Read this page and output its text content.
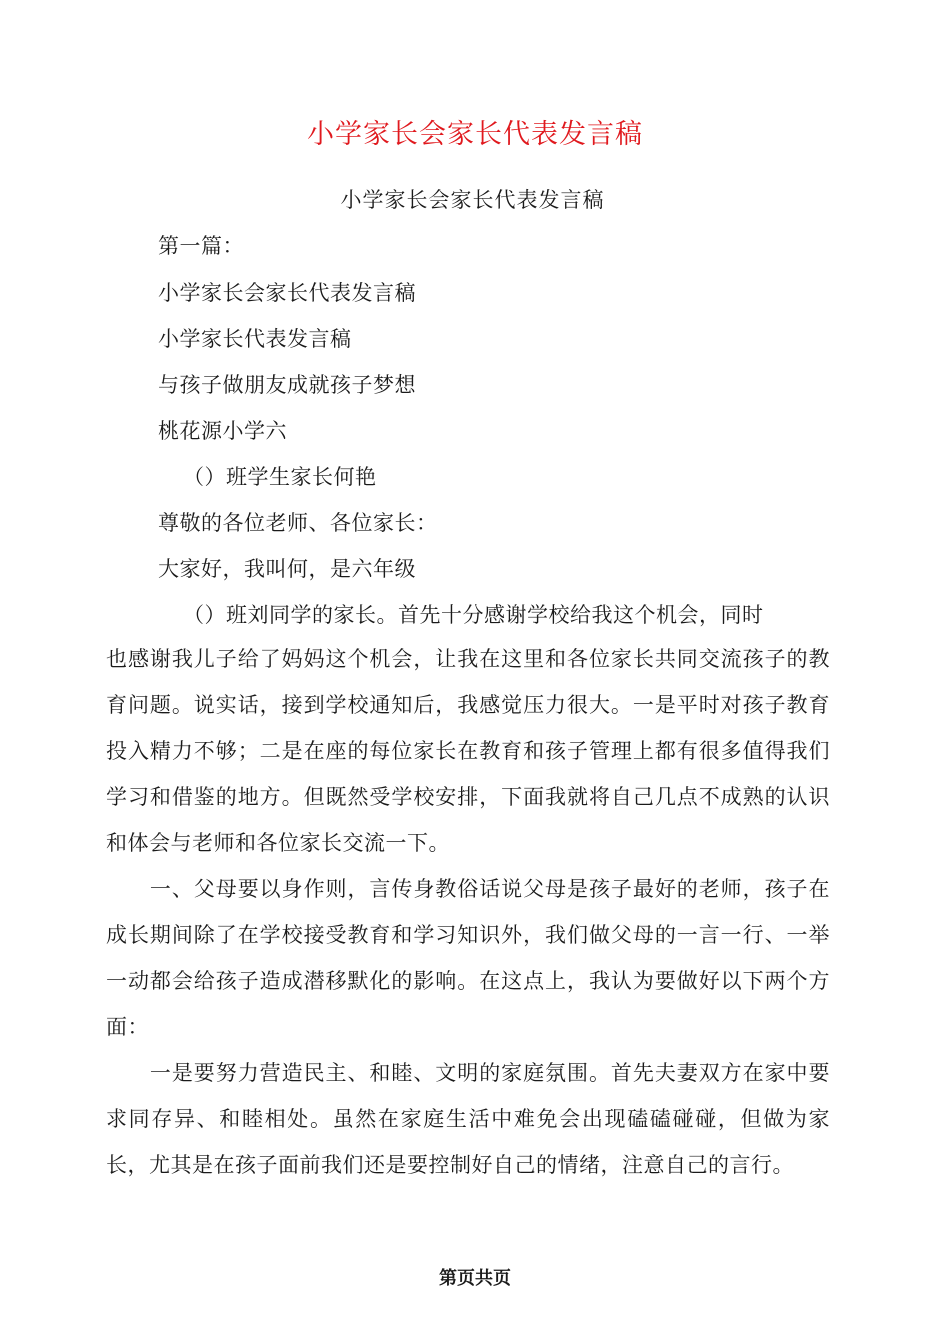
小学家长会家长代表发言稿

小学家长会家长代表发言稿

第一篇：

小学家长会家长代表发言稿

小学家长代表发言稿

与孩子做朋友成就孩子梦想

桃花源小学六

（）班学生家长何艳

尊敬的各位老师、各位家长：

大家好，我叫何，是六年级

（）班刘同学的家长。首先十分感谢学校给我这个机会，同时

也感谢我儿子给了妈妈这个机会，让我在这里和各位家长共同交流孩子的教育问题。说实话，接到学校通知后，我感觉压力很大。一是平时对孩子教育投入精力不够；二是在座的每位家长在教育和孩子管理上都有很多值得我们学习和借鉴的地方。但既然受学校安排，下面我就将自己几点不成熟的认识和体会与老师和各位家长交流一下。

　　一、父母要以身作则，言传身教俗话说父母是孩子最好的老师，孩子在成长期间除了在学校接受教育和学习知识外，我们做父母的一言一行、一举一动都会给孩子造成潜移默化的影响。在这点上，我认为要做好以下两个方面：

　　一是要努力营造民主、和睦、文明的家庭氛围。首先夫妻双方在家中要求同存异、和睦相处。虽然在家庭生活中难免会出现磕磕碰碰，但做为家长，尤其是在孩子面前我们还是要控制好自己的情绪，注意自己的言行。

第页共页
